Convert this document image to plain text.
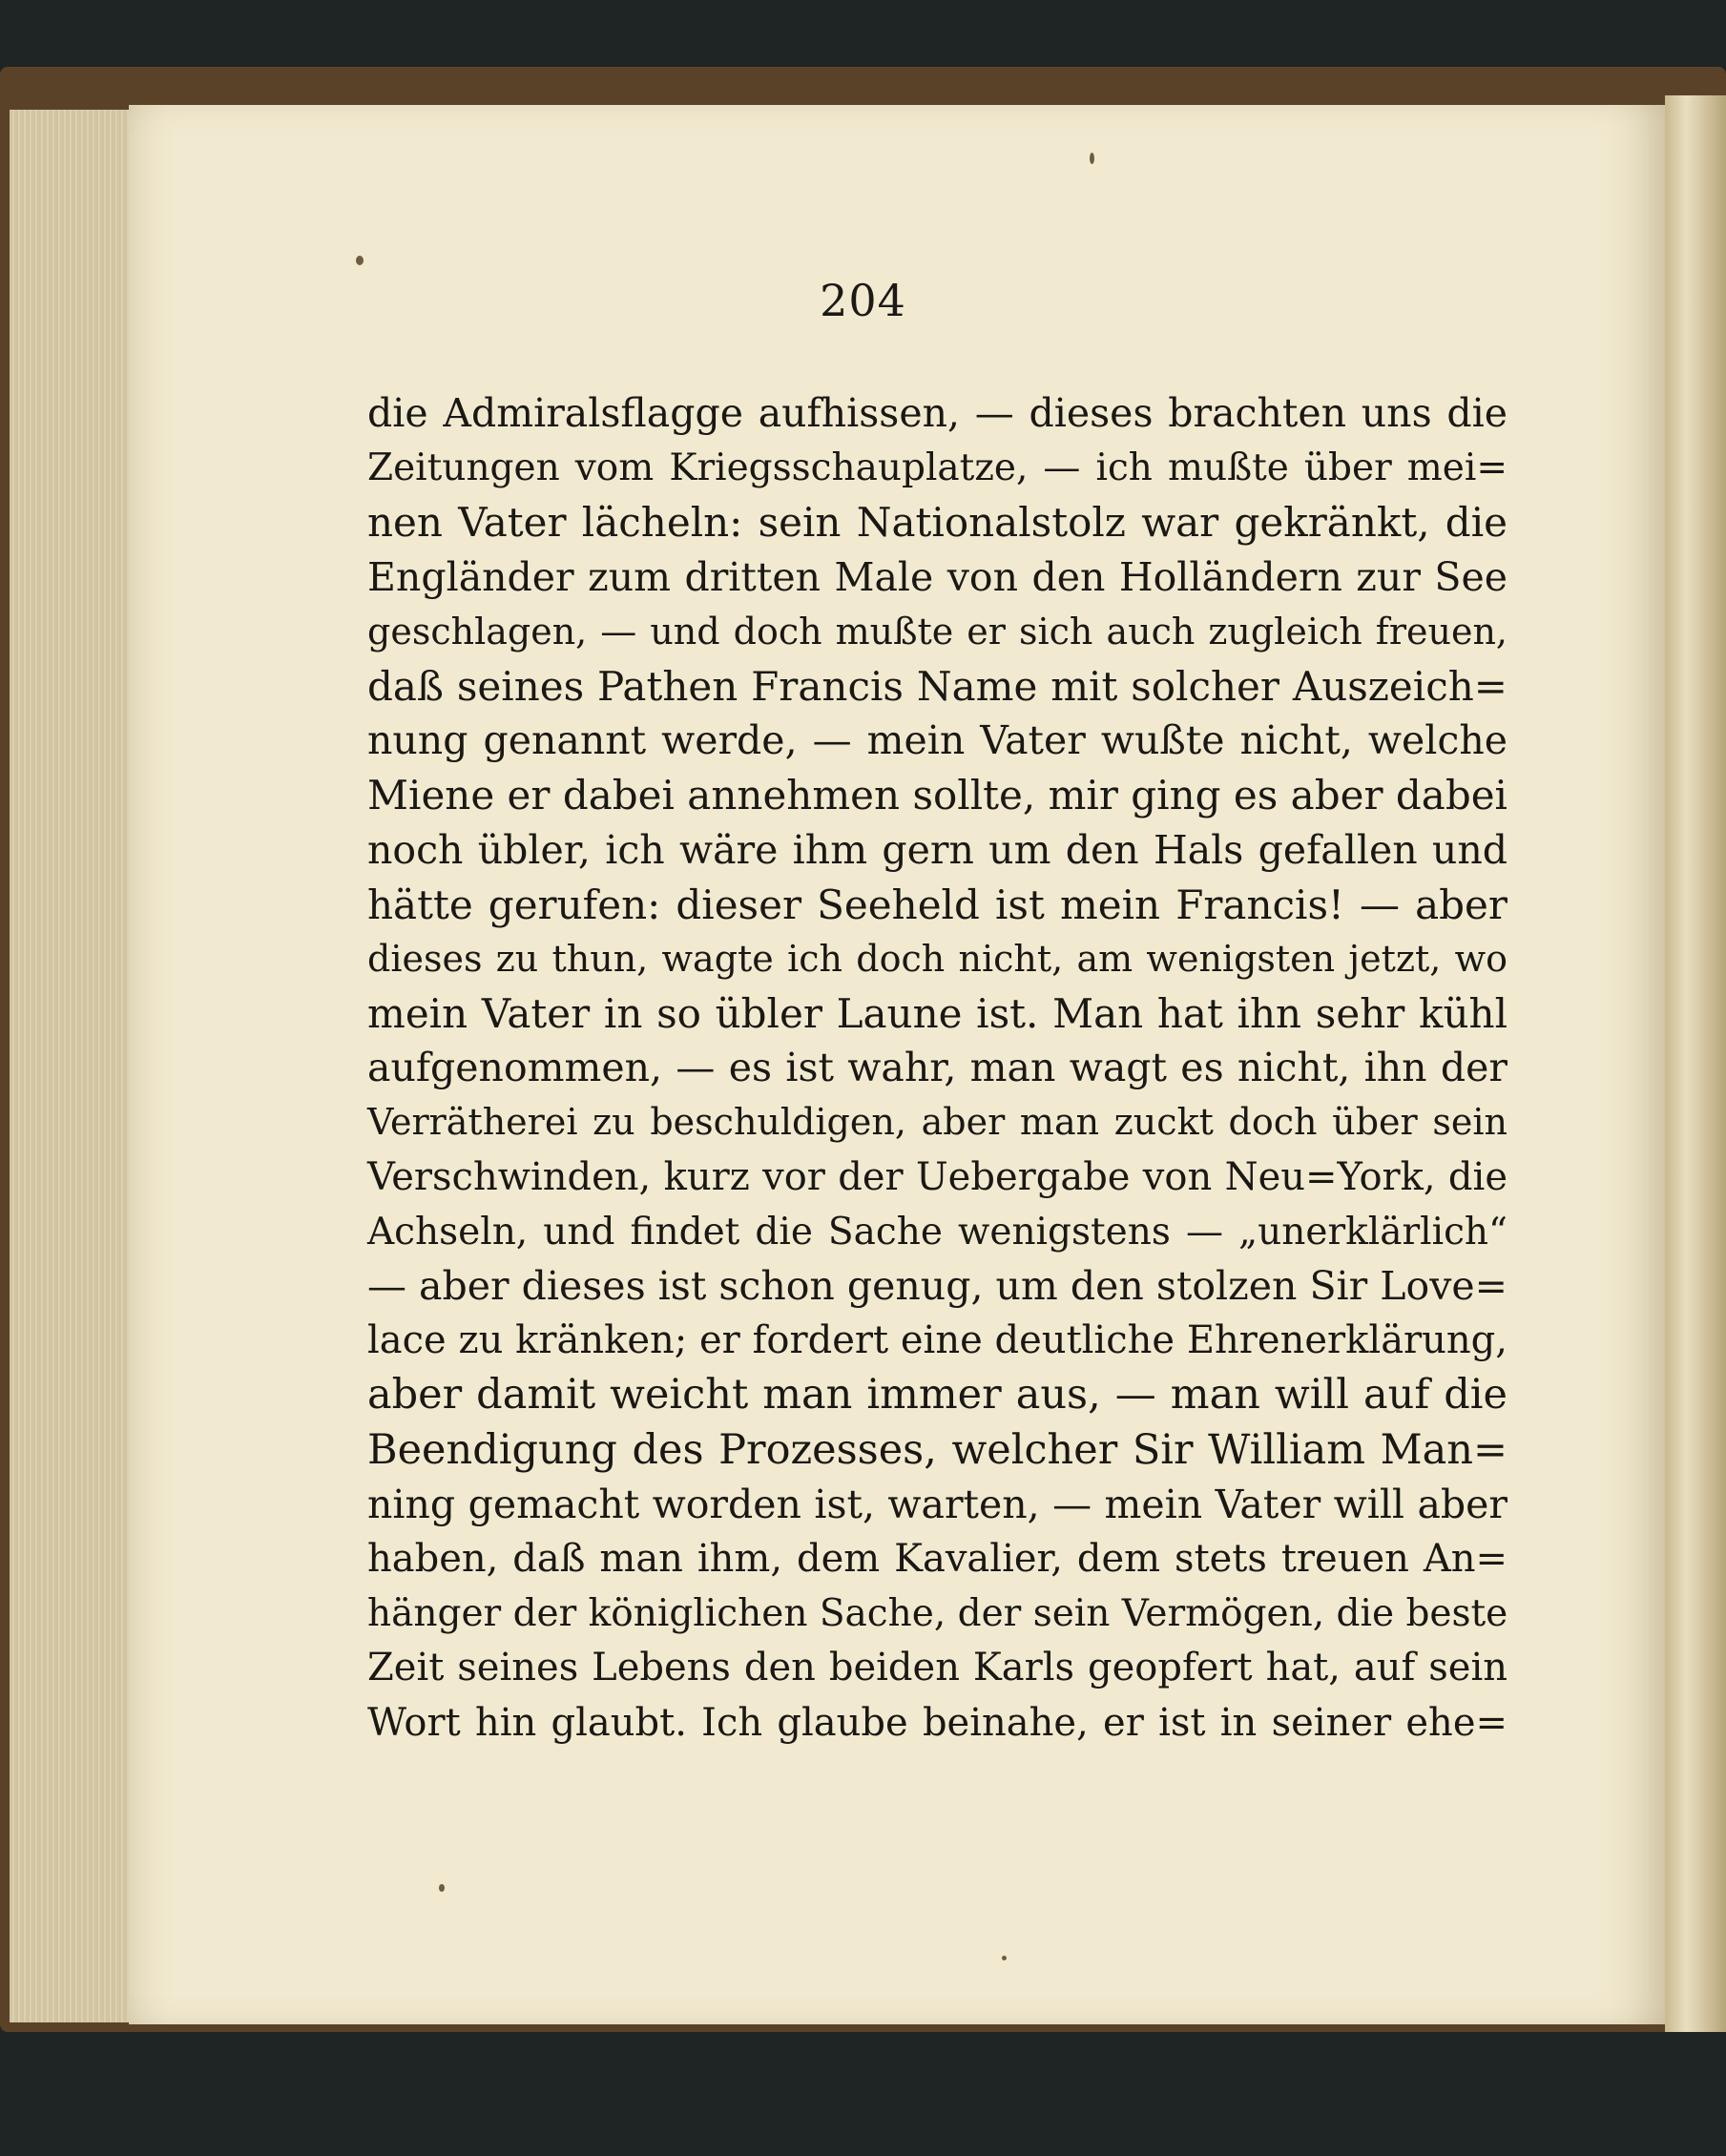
204
die Admiralsflagge aufhissen, — dieses brachten uns die
Zeitungen vom Kriegsschauplatze, — ich mußte über mei=
nen Vater lächeln: sein Nationalstolz war gekränkt, die
Engländer zum dritten Male von den Holländern zur See
geschlagen, — und doch mußte er sich auch zugleich freuen,
daß seines Pathen Francis Name mit solcher Auszeich=
nung genannt werde, — mein Vater wußte nicht, welche
Miene er dabei annehmen sollte, mir ging es aber dabei
noch übler, ich wäre ihm gern um den Hals gefallen und
hätte gerufen: dieser Seeheld ist mein Francis! — aber
dieses zu thun, wagte ich doch nicht, am wenigsten jetzt, wo
mein Vater in so übler Laune ist. Man hat ihn sehr kühl
aufgenommen, — es ist wahr, man wagt es nicht, ihn der
Verrätherei zu beschuldigen, aber man zuckt doch über sein
Verschwinden, kurz vor der Uebergabe von Neu=York, die
Achseln, und findet die Sache wenigstens — „unerklärlich“
— aber dieses ist schon genug, um den stolzen Sir Love=
lace zu kränken; er fordert eine deutliche Ehrenerklärung,
aber damit weicht man immer aus, — man will auf die
Beendigung des Prozesses, welcher Sir William Man=
ning gemacht worden ist, warten, — mein Vater will aber
haben, daß man ihm, dem Kavalier, dem stets treuen An=
hänger der königlichen Sache, der sein Vermögen, die beste
Zeit seines Lebens den beiden Karls geopfert hat, auf sein
Wort hin glaubt. Ich glaube beinahe, er ist in seiner ehe=
